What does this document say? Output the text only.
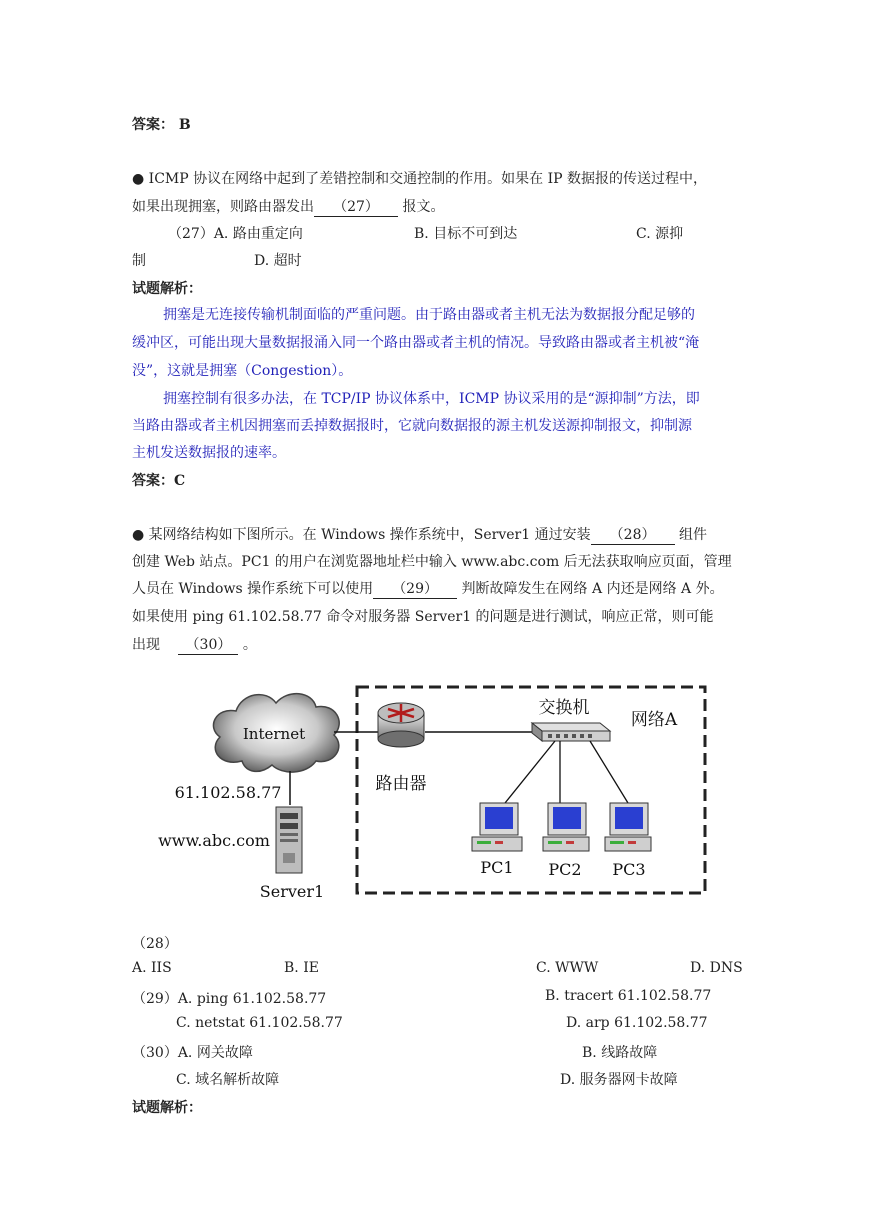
答案： B
● ICMP 协议在网络中起到了差错控制和交通控制的作用。如果在 IP 数据报的传送过程中，
如果出现拥塞，则路由器发出 （27） 报文。
（27）A. 路由重定向	B. 目标不可到达	C. 源抑
制	D. 超时
试题解析：
拥塞是无连接传输机制面临的严重问题。由于路由器或者主机无法为数据报分配足够的
缓冲区，可能出现大量数据报涌入同一个路由器或者主机的情况。导致路由器或者主机被“淹
没”，这就是拥塞（Congestion）。
拥塞控制有很多办法，在 TCP/IP 协议体系中，ICMP 协议采用的是“源抑制”方法，即
当路由器或者主机因拥塞而丢掉数据报时，它就向数据报的源主机发送源抑制报文，抑制源
主机发送数据报的速率。
答案：C
● 某网络结构如下图所示。在 Windows 操作系统中，Server1 通过安装 （28） 组件
创建 Web 站点。PC1 的用户在浏览器地址栏中输入 www.abc.com 后无法获取响应页面，管理
人员在 Windows 操作系统下可以使用 （29） 判断故障发生在网络 A 内还是网络 A 外。
如果使用 ping 61.102.58.77 命令对服务器 Server1 的问题是进行测试，响应正常，则可能
出现 （30） 。
Internet
路由器
交换机
网络A
PC1 PC2 PC3
61.102.58.77
www.abc.com
Server1
（28）
A. IIS	B. IE	C. WWW	D. DNS
（29）A. ping 61.102.58.77	B. tracert 61.102.58.77
C. netstat 61.102.58.77	D. arp 61.102.58.77
（30）A. 网关故障	B. 线路故障
C. 域名解析故障	D. 服务器网卡故障
试题解析：
